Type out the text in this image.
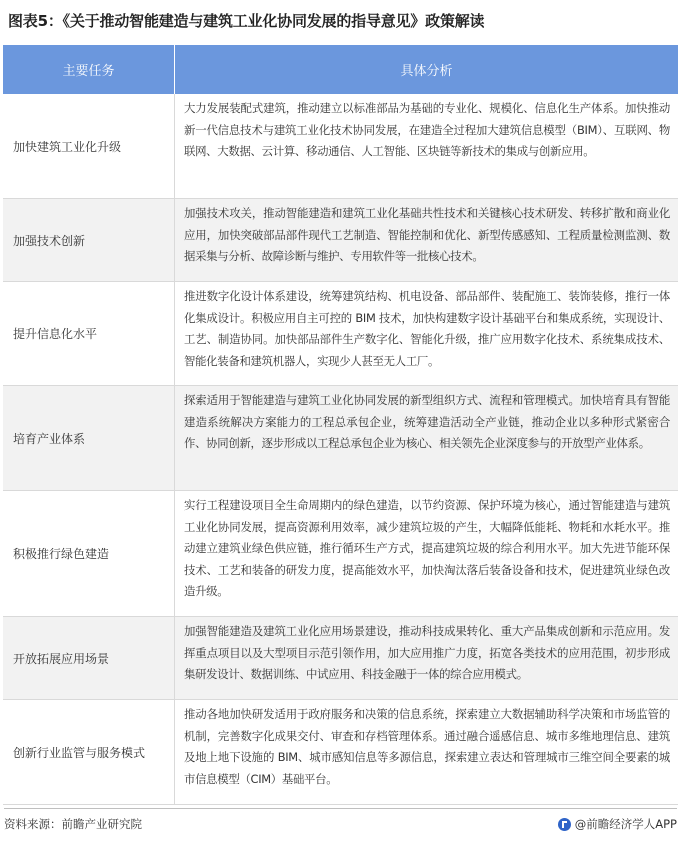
图表5：《关于推动智能建造与建筑工业化协同发展的指导意见》政策解读
主要任务	具体分析
加快建筑工业化升级
大力发展装配式建筑，推动建立以标准部品为基础的专业化、规模化、信息化生产体系。加快推动新一代信息技术与建筑工业化技术协同发展，在建造全过程加大建筑信息模型（BIM）、互联网、物联网、大数据、云计算、移动通信、人工智能、区块链等新技术的集成与创新应用。
加强技术创新
加强技术攻关，推动智能建造和建筑工业化基础共性技术和关键核心技术研发、转移扩散和商业化应用，加快突破部品部件现代工艺制造、智能控制和优化、新型传感感知、工程质量检测监测、数据采集与分析、故障诊断与维护、专用软件等一批核心技术。
提升信息化水平
推进数字化设计体系建设，统筹建筑结构、机电设备、部品部件、装配施工、装饰装修，推行一体化集成设计。积极应用自主可控的 BIM 技术，加快构建数字设计基础平台和集成系统，实现设计、工艺、制造协同。加快部品部件生产数字化、智能化升级，推广应用数字化技术、系统集成技术、智能化装备和建筑机器人，实现少人甚至无人工厂。
培育产业体系
探索适用于智能建造与建筑工业化协同发展的新型组织方式、流程和管理模式。加快培育具有智能建造系统解决方案能力的工程总承包企业，统筹建造活动全产业链，推动企业以多种形式紧密合作、协同创新，逐步形成以工程总承包企业为核心、相关领先企业深度参与的开放型产业体系。
积极推行绿色建造
实行工程建设项目全生命周期内的绿色建造，以节约资源、保护环境为核心，通过智能建造与建筑工业化协同发展，提高资源利用效率，减少建筑垃圾的产生，大幅降低能耗、物耗和水耗水平。推动建立建筑业绿色供应链，推行循环生产方式，提高建筑垃圾的综合利用水平。加大先进节能环保技术、工艺和装备的研发力度，提高能效水平，加快淘汰落后装备设备和技术，促进建筑业绿色改造升级。
开放拓展应用场景
加强智能建造及建筑工业化应用场景建设，推动科技成果转化、重大产品集成创新和示范应用。发挥重点项目以及大型项目示范引领作用，加大应用推广力度，拓宽各类技术的应用范围，初步形成集研发设计、数据训练、中试应用、科技金融于一体的综合应用模式。
创新行业监管与服务模式
推动各地加快研发适用于政府服务和决策的信息系统，探索建立大数据辅助科学决策和市场监管的机制，完善数字化成果交付、审查和存档管理体系。通过融合遥感信息、城市多维地理信息、建筑及地上地下设施的 BIM、城市感知信息等多源信息，探索建立表达和管理城市三维空间全要素的城市信息模型（CIM）基础平台。
资料来源：前瞻产业研究院	@前瞻经济学人APP
